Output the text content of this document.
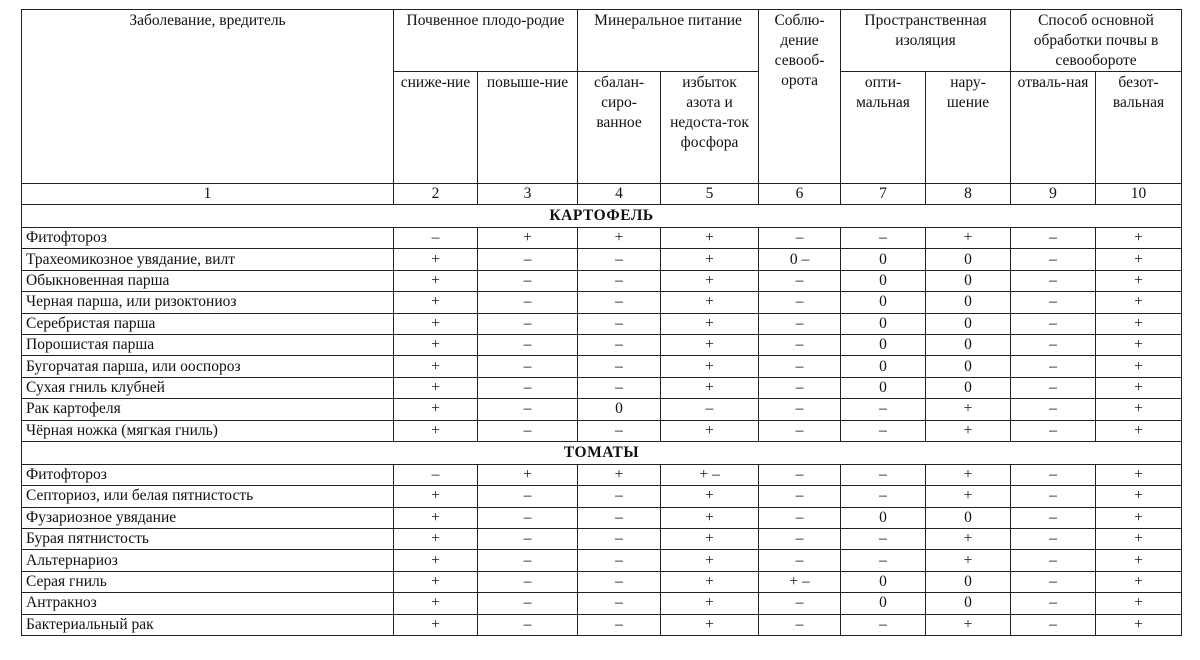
Заболевание, вредитель	Почвенное плодо-родие		Минеральное питание		Соблю-дение севооб-орота	Пространственная изоляция		Способ основной обработки почвы в севообороте	
	сниже-ние	повыше-ние	сбалан-сиро-ванное	избыток азота и недоста-ток фосфора		опти-мальная	нару-шение	отваль-ная	безот-вальная
1	2	3	4	5	6	7	8	9	10
КАРТОФЕЛЬ									
Фитофтороз	–	+	+	+	–	–	+	–	+
Трахеомикозное увядание, вилт	+	–	–	+	0 –	0	0	–	+
Обыкновенная парша	+	–	–	+	–	0	0	–	+
Черная парша, или ризоктониоз	+	–	–	+	–	0	0	–	+
Серебристая парша	+	–	–	+	–	0	0	–	+
Порошистая парша	+	–	–	+	–	0	0	–	+
Бугорчатая парша, или ооспороз	+	–	–	+	–	0	0	–	+
Сухая гниль клубней	+	–	–	+	–	0	0	–	+
Рак картофеля	+	–	0	–	–	–	+	–	+
Чёрная ножка (мягкая гниль)	+	–	–	+	–	–	+	–	+
ТОМАТЫ									
Фитофтороз	–	+	+	+ –	–	–	+	–	+
Септориоз, или белая пятнистость	+	–	–	+	–	–	+	–	+
Фузариозное увядание	+	–	–	+	–	0	0	–	+
Бурая пятнистость	+	–	–	+	–	–	+	–	+
Альтернариоз	+	–	–	+	–	–	+	–	+
Серая гниль	+	–	–	+	+ –	0	0	–	+
Антракноз	+	–	–	+	–	0	0	–	+
Бактериальный рак	+	–	–	+	–	–	+	–	+
